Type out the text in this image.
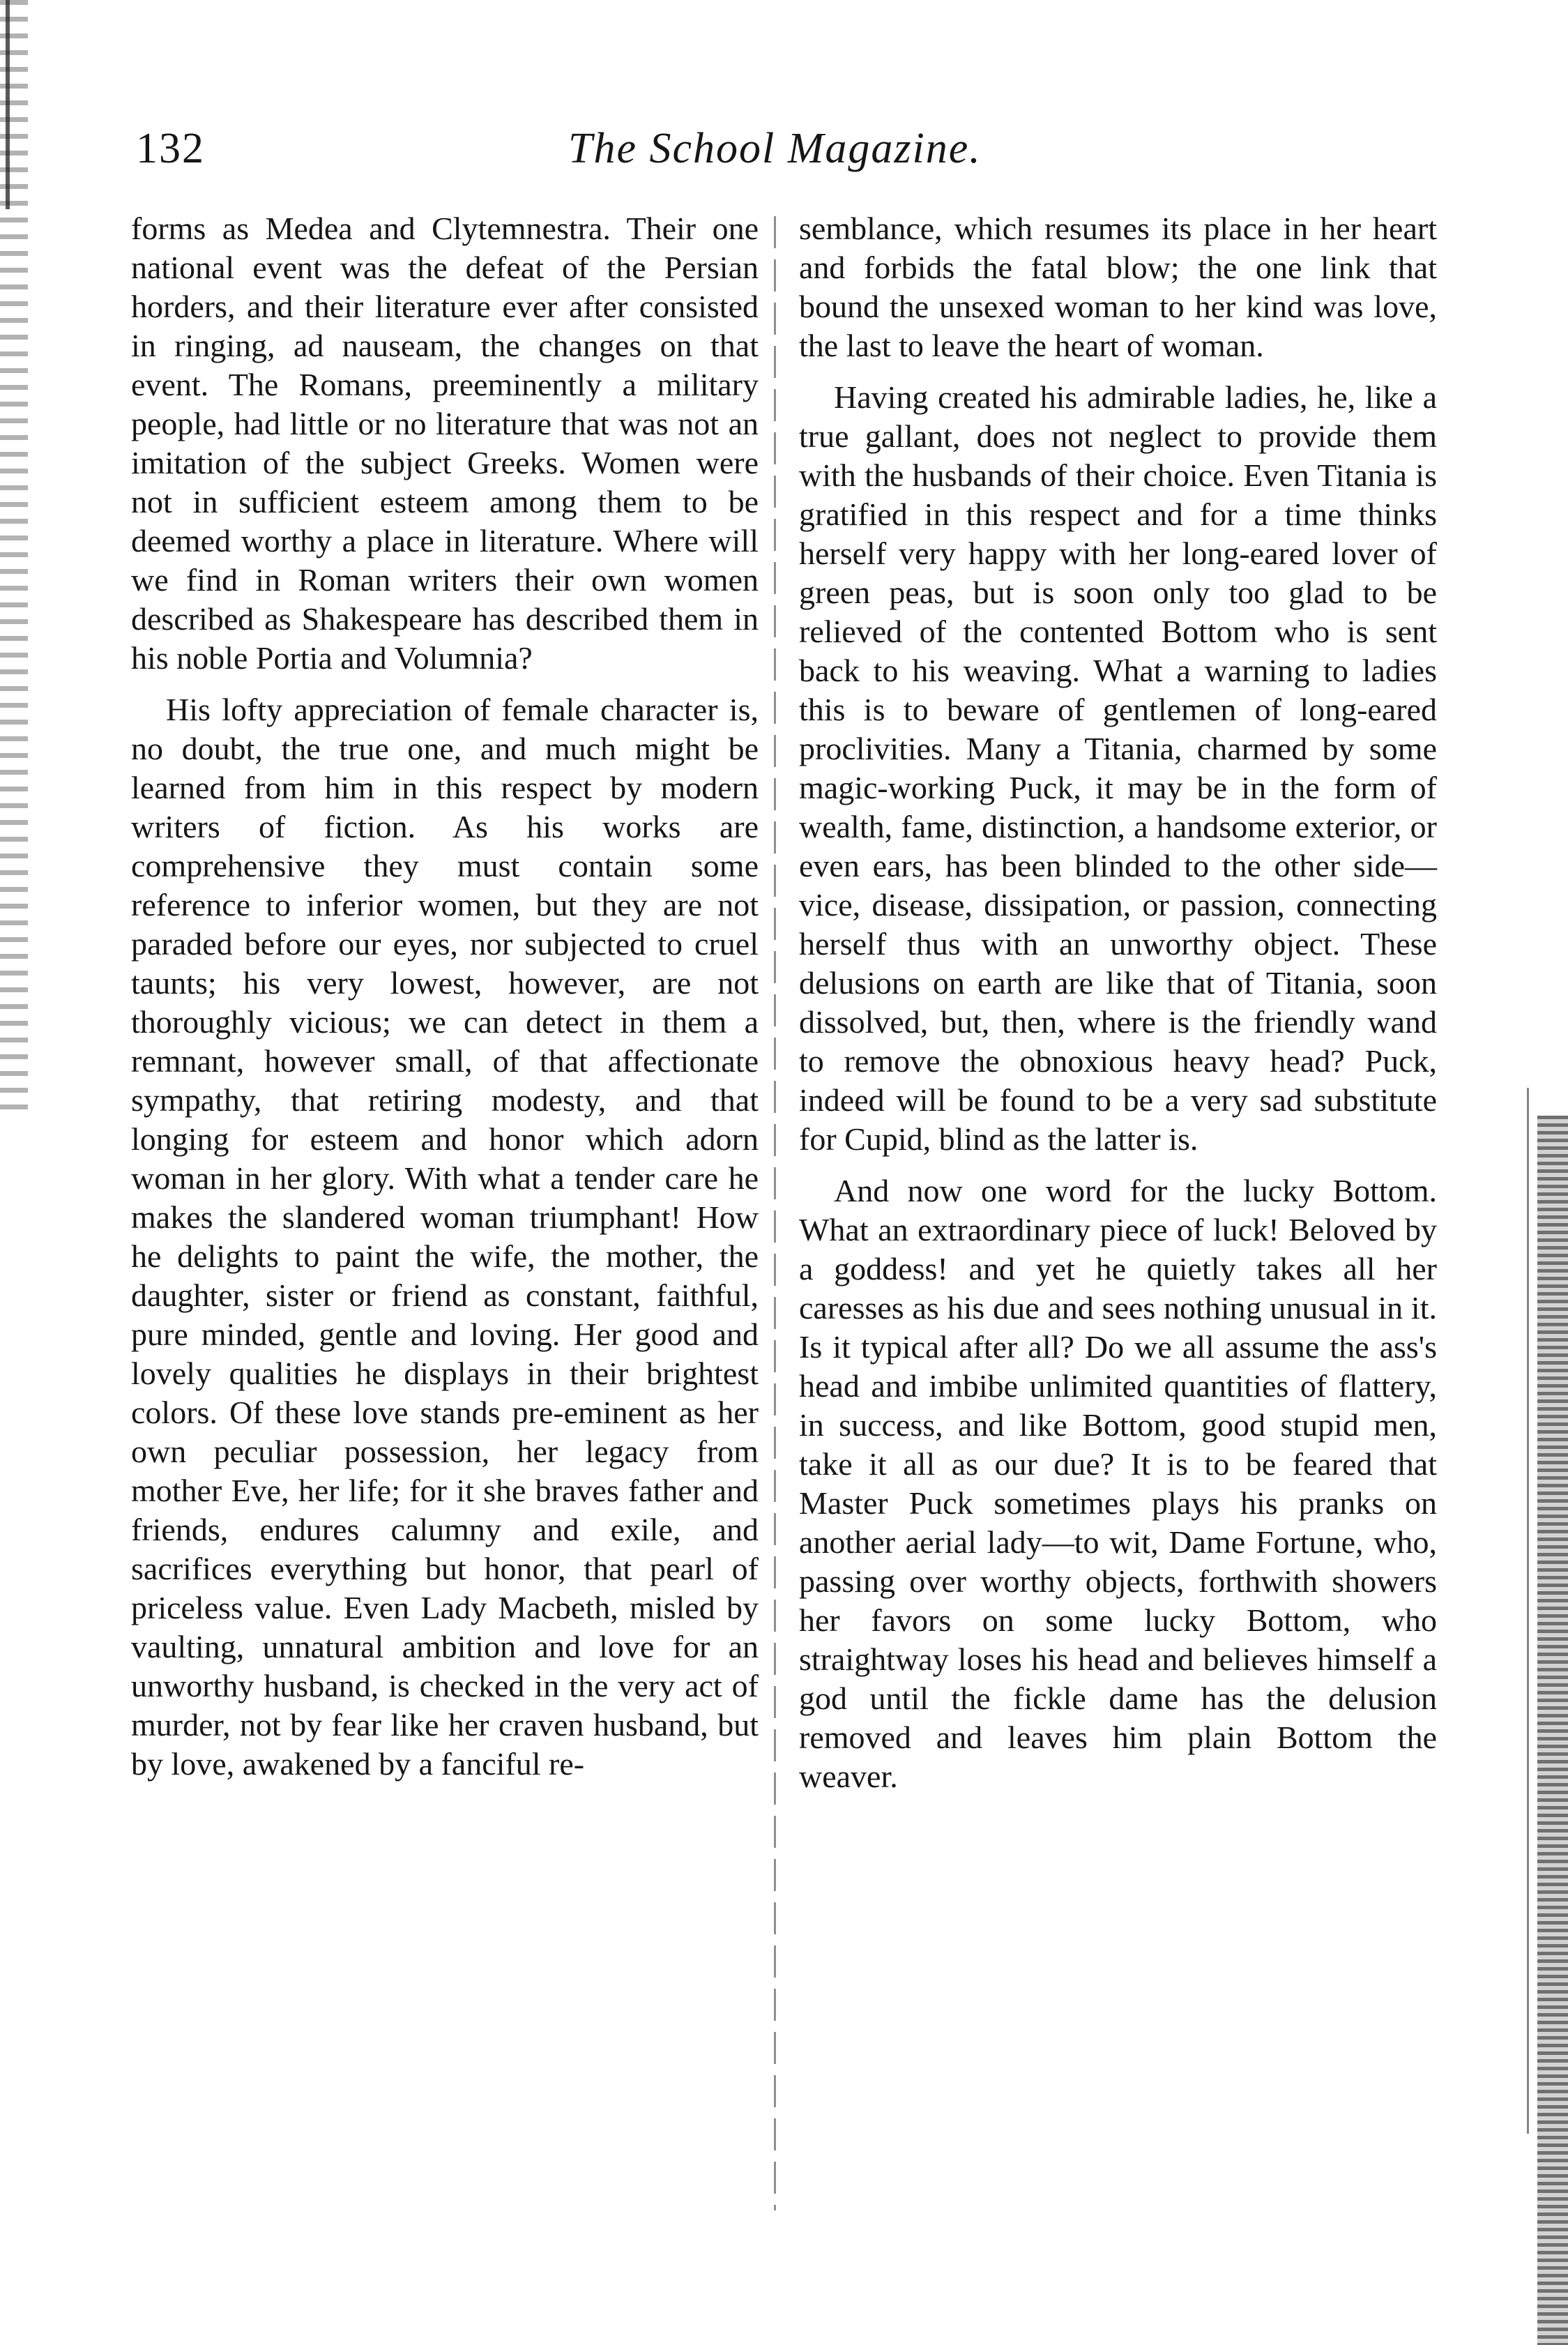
132	The School Magazine.

forms as Medea and Clytemnestra. Their one national event was the defeat of the Persian horders, and their literature ever after consisted in ringing, ad nauseam, the changes on that event. The Romans, preeminently a military people, had little or no literature that was not an imitation of the subject Greeks. Women were not in sufficient esteem among them to be deemed worthy a place in literature. Where will we find in Roman writers their own women described as Shakespeare has described them in his noble Portia and Volumnia?

His lofty appreciation of female character is, no doubt, the true one, and much might be learned from him in this respect by modern writers of fiction. As his works are comprehensive they must contain some reference to inferior women, but they are not paraded before our eyes, nor subjected to cruel taunts; his very lowest, however, are not thoroughly vicious; we can detect in them a remnant, however small, of that affectionate sympathy, that retiring modesty, and that longing for esteem and honor which adorn woman in her glory. With what a tender care he makes the slandered woman triumphant! How he delights to paint the wife, the mother, the daughter, sister or friend as constant, faithful, pure minded, gentle and loving. Her good and lovely qualities he displays in their brightest colors. Of these love stands pre-eminent as her own peculiar possession, her legacy from mother Eve, her life; for it she braves father and friends, endures calumny and exile, and sacrifices everything but honor, that pearl of priceless value. Even Lady Macbeth, misled by vaulting, unnatural ambition and love for an unworthy husband, is checked in the very act of murder, not by fear like her craven husband, but by love, awakened by a fanciful re-

semblance, which resumes its place in her heart and forbids the fatal blow; the one link that bound the unsexed woman to her kind was love, the last to leave the heart of woman.

Having created his admirable ladies, he, like a true gallant, does not neglect to provide them with the husbands of their choice. Even Titania is gratified in this respect and for a time thinks herself very happy with her long-eared lover of green peas, but is soon only too glad to be relieved of the contented Bottom who is sent back to his weaving. What a warning to ladies this is to beware of gentlemen of long-eared proclivities. Many a Titania, charmed by some magic-working Puck, it may be in the form of wealth, fame, distinction, a handsome exterior, or even ears, has been blinded to the other side—vice, disease, dissipation, or passion, connecting herself thus with an unworthy object. These delusions on earth are like that of Titania, soon dissolved, but, then, where is the friendly wand to remove the obnoxious heavy head? Puck, indeed will be found to be a very sad substitute for Cupid, blind as the latter is.

And now one word for the lucky Bottom. What an extraordinary piece of luck! Beloved by a goddess! and yet he quietly takes all her caresses as his due and sees nothing unusual in it. Is it typical after all? Do we all assume the ass's head and imbibe unlimited quantities of flattery, in success, and like Bottom, good stupid men, take it all as our due? It is to be feared that Master Puck sometimes plays his pranks on another aerial lady—to wit, Dame Fortune, who, passing over worthy objects, forthwith showers her favors on some lucky Bottom, who straightway loses his head and believes himself a god until the fickle dame has the delusion removed and leaves him plain Bottom the weaver.
